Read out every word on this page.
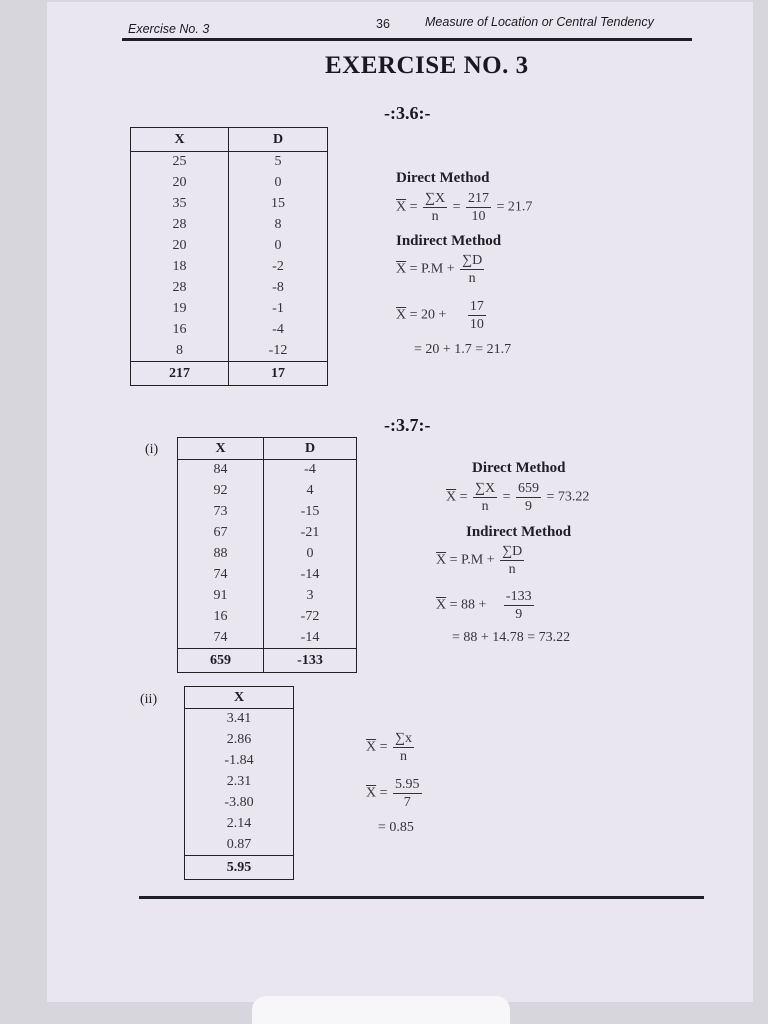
Exercise No. 3	36	Measure of Location or Central Tendency
EXERCISE NO. 3
-:3.6:-
X	D
25	5
20	0
35	15
28	8
20	0
18	-2
28	-8
19	-1
16	-4
8	-12
217	17
Direct Method
$\overline{X} = \frac{\sum X}{n} = \frac{217}{10} = 21.7$
Indirect Method
$\overline{X} = P.M + \frac{\sum D}{n}$
$\overline{X} = 20 + \frac{17}{10}$
= 20 + 1.7 = 21.7
-:3.7:-
(i)	X	D
84	-4
92	4
73	-15
67	-21
88	0
74	-14
91	3
16	-72
74	-14
659	-133
Direct Method
$\overline{X} = \frac{\sum X}{n} = \frac{659}{9} = 73.22$
Indirect Method
$\overline{X} = P.M + \frac{\sum D}{n}$
$\overline{X} = 88 + \frac{-133}{9}$
= 88 + 14.78 = 73.22
(ii)	X
3.41
2.86
-1.84
2.31
-3.80
2.14
0.87
5.95
$\overline{X} = \frac{\sum x}{n}$
$\overline{X} = \frac{5.95}{7}$
= 0.85
